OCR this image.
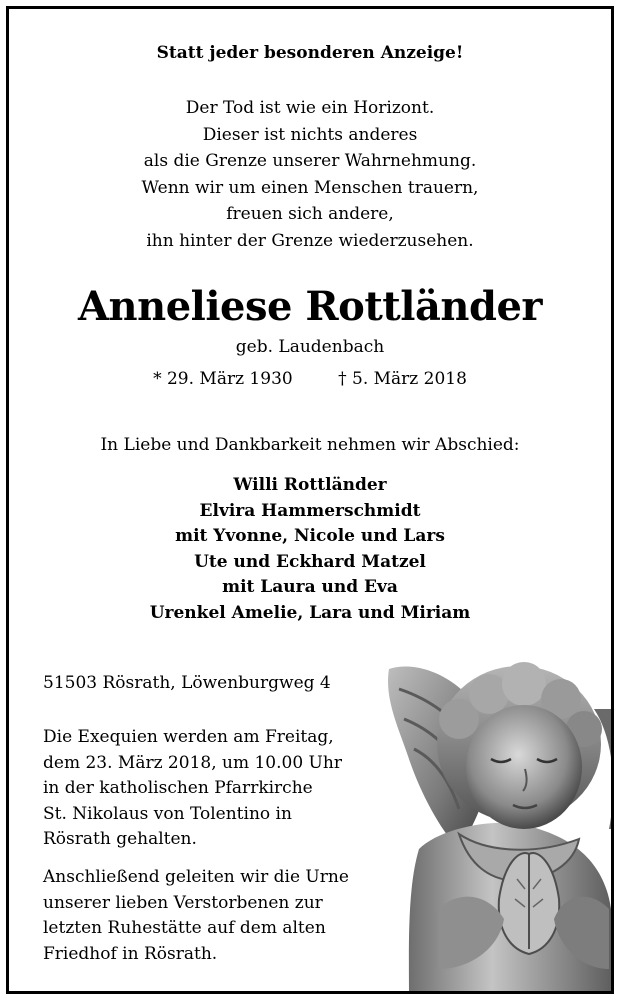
Statt jeder besonderen Anzeige!
Der Tod ist wie ein Horizont.
Dieser ist nichts anderes
als die Grenze unserer Wahrnehmung.
Wenn wir um einen Menschen trauern,
freuen sich andere,
ihn hinter der Grenze wiederzusehen.
Anneliese Rottländer
geb. Laudenbach
* 29. März 1930	† 5. März 2018
In Liebe und Dankbarkeit nehmen wir Abschied:
Willi Rottländer
Elvira Hammerschmidt
mit Yvonne, Nicole und Lars
Ute und Eckhard Matzel
mit Laura und Eva
Urenkel Amelie, Lara und Miriam
51503 Rösrath, Löwenburgweg 4
Die Exequien werden am Freitag,
dem 23. März 2018, um 10.00 Uhr
in der katholischen Pfarrkirche
St. Nikolaus von Tolentino in
Rösrath gehalten.
Anschließend geleiten wir die Urne
unserer lieben Verstorbenen zur
letzten Ruhestätte auf dem alten
Friedhof in Rösrath.
